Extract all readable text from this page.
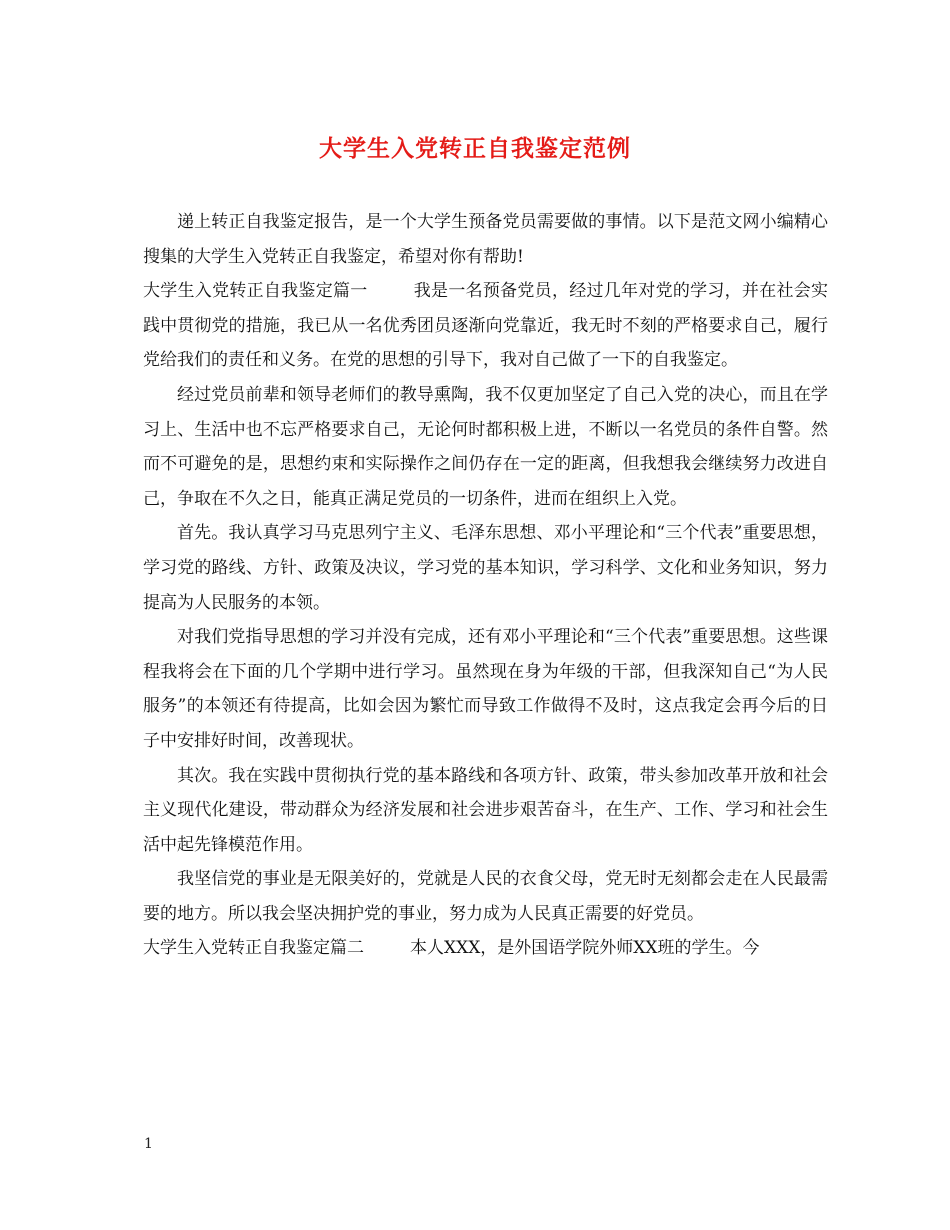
大学生入党转正自我鉴定范例

递上转正自我鉴定报告，是一个大学生预备党员需要做的事情。以下是范文网小编精心搜集的大学生入党转正自我鉴定，希望对你有帮助!

大学生入党转正自我鉴定篇一	我是一名预备党员，经过几年对党的学习，并在社会实践中贯彻党的措施，我已从一名优秀团员逐渐向党靠近，我无时不刻的严格要求自己，履行党给我们的责任和义务。在党的思想的引导下，我对自己做了一下的自我鉴定。

经过党员前辈和领导老师们的教导熏陶，我不仅更加坚定了自己入党的决心，而且在学习上、生活中也不忘严格要求自己，无论何时都积极上进，不断以一名党员的条件自警。然而不可避免的是，思想约束和实际操作之间仍存在一定的距离，但我想我会继续努力改进自己，争取在不久之日，能真正满足党员的一切条件，进而在组织上入党。

首先。我认真学习马克思列宁主义、毛泽东思想、邓小平理论和“三个代表”重要思想，学习党的路线、方针、政策及决议，学习党的基本知识，学习科学、文化和业务知识，努力提高为人民服务的本领。

对我们党指导思想的学习并没有完成，还有邓小平理论和“三个代表”重要思想。这些课程我将会在下面的几个学期中进行学习。虽然现在身为年级的干部，但我深知自己“为人民服务”的本领还有待提高，比如会因为繁忙而导致工作做得不及时，这点我定会再今后的日子中安排好时间，改善现状。

其次。我在实践中贯彻执行党的基本路线和各项方针、政策，带头参加改革开放和社会主义现代化建设，带动群众为经济发展和社会进步艰苦奋斗，在生产、工作、学习和社会生活中起先锋模范作用。

我坚信党的事业是无限美好的，党就是人民的衣食父母，党无时无刻都会走在人民最需要的地方。所以我会坚决拥护党的事业，努力成为人民真正需要的好党员。

大学生入党转正自我鉴定篇二	本人XXX，是外国语学院外师XX班的学生。今

1
